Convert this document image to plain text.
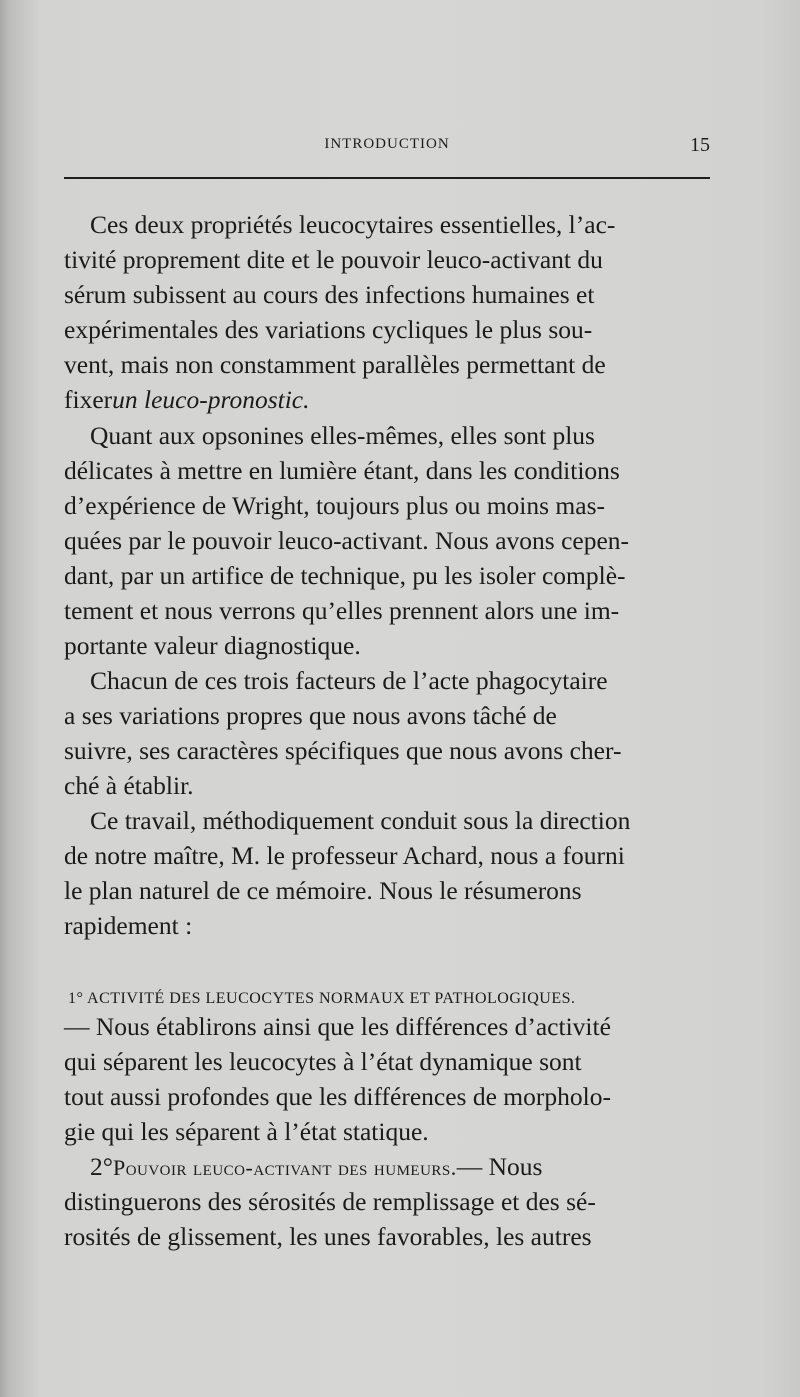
INTRODUCTION	15
Ces deux propriétés leucocytaires essentielles, l’ac-
tivité proprement dite et le pouvoir leuco-activant du
sérum subissent au cours des infections humaines et
expérimentales des variations cycliques le plus sou-
vent, mais non constamment parallèles permettant de
fixerun leuco-pronostic.
Quant aux opsonines elles-mêmes, elles sont plus
délicates à mettre en lumière étant, dans les conditions
d’expérience de Wright, toujours plus ou moins mas-
quées par le pouvoir leuco-activant. Nous avons cepen-
dant, par un artifice de technique, pu les isoler complè-
tement et nous verrons qu’elles prennent alors une im-
portante valeur diagnostique.
Chacun de ces trois facteurs de l’acte phagocytaire
a ses variations propres que nous avons tâché de
suivre, ses caractères spécifiques que nous avons cher-
ché à établir.
Ce travail, méthodiquement conduit sous la direction
de notre maître, M. le professeur Achard, nous a fourni
le plan naturel de ce mémoire. Nous le résumerons
rapidement :
1° ACTIVITÉ DES LEUCOCYTES NORMAUX ET PATHOLOGIQUES.
— Nous établirons ainsi que les différences d’activité
qui séparent les leucocytes à l’état dynamique sont
tout aussi profondes que les différences de morpholo-
gie qui les séparent à l’état statique.
2°Pouvoir leuco-activant des humeurs.— Nous
distinguerons des sérosités de remplissage et des sé-
rosités de glissement, les unes favorables, les autres
